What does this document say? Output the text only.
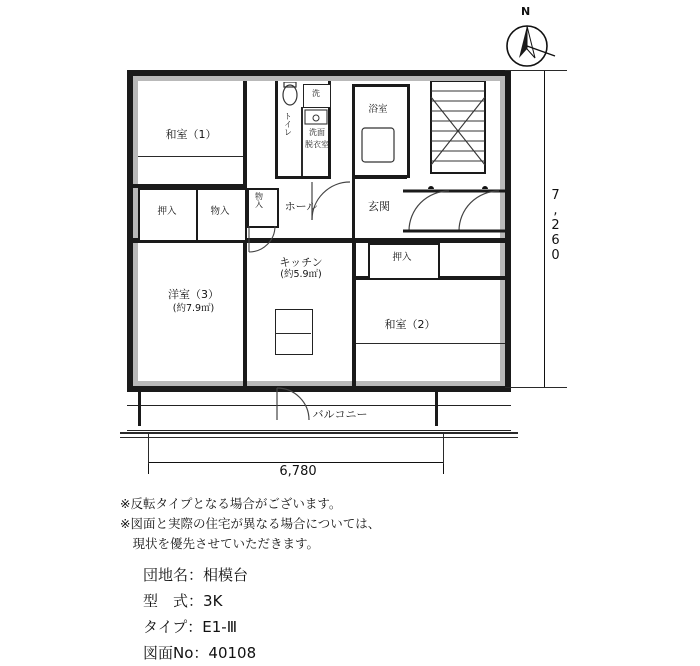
N
洗
トイレ	洗面
脱衣室
浴室
玄関
ホール
和室（1）
物入
押入	物入
押入
キッチン
(約5.9㎡)
洋室（3）
(約7.9㎡)
和室（2）
バルコニー
7,260
6,780
※反転タイプとなる場合がございます。
※図面と実際の住宅が異なる場合については、
　現状を優先させていただきます。
団地名：相模台
型　式：3K
タイプ：E1-Ⅲ
図面No：40108
